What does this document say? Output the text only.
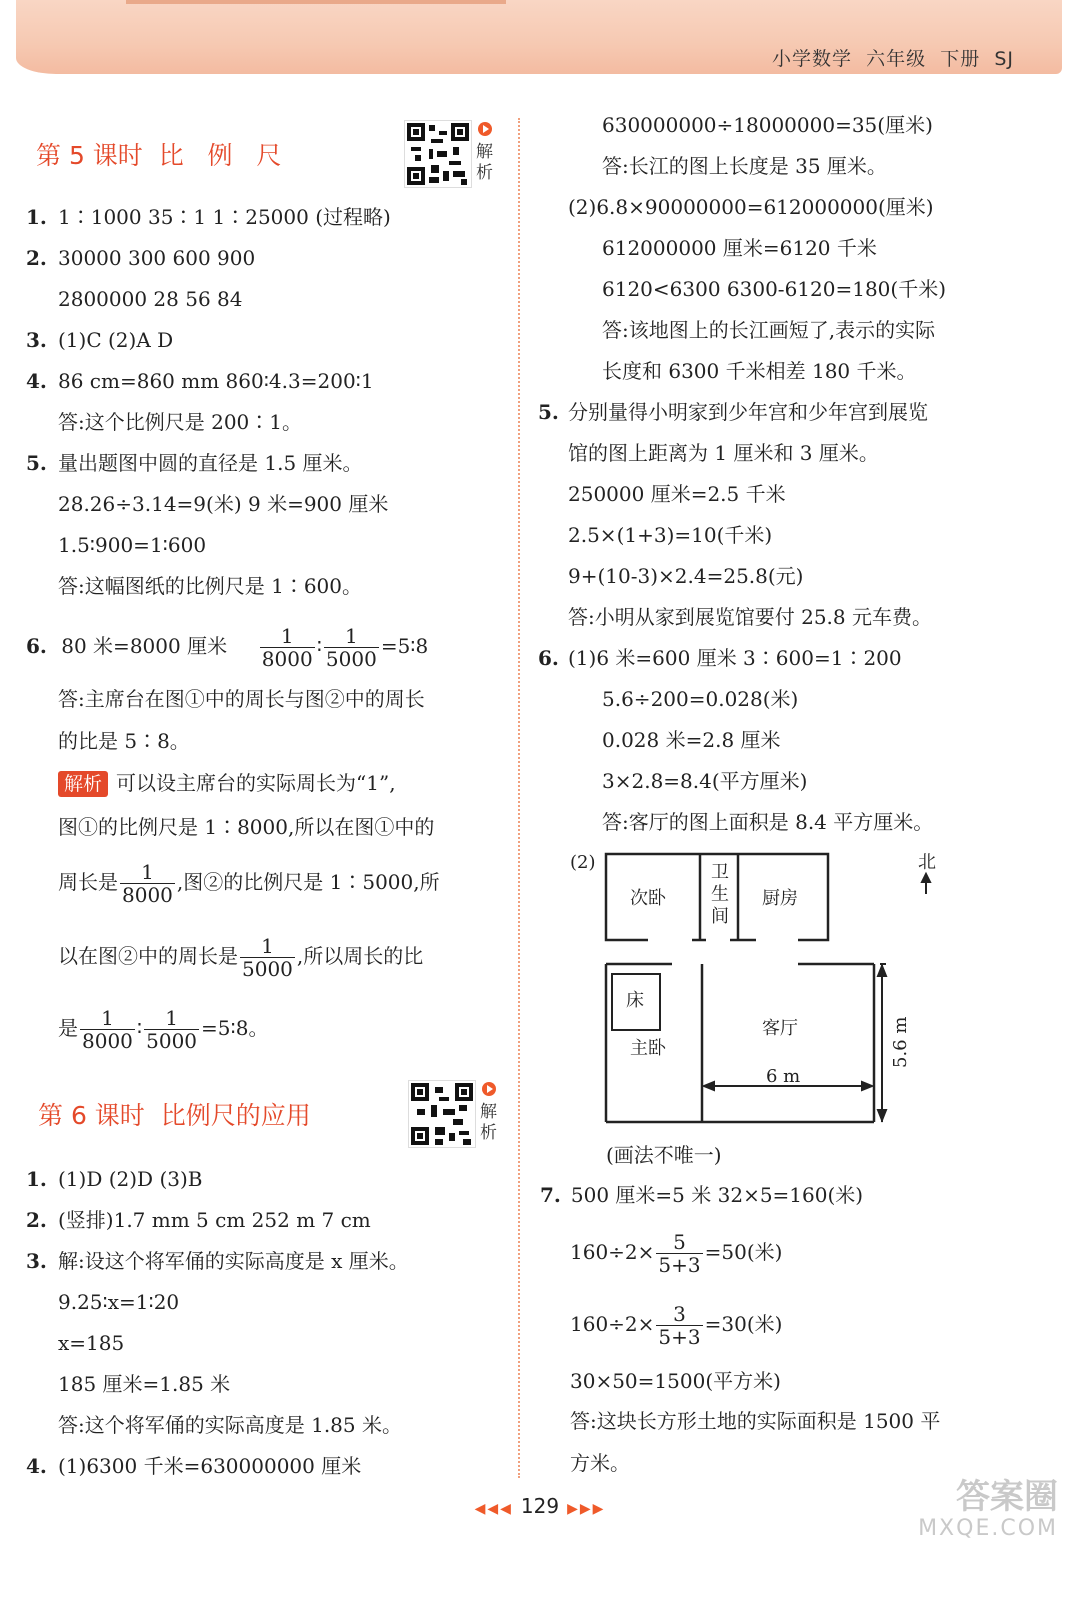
小学数学 六年级 下册 SJ
第 5 课时  比   例   尺	解析
1. 1∶1000 35∶1 1∶25000 (过程略)
2. 30000 300 600 900
2800000 28 56 84
3. (1)C (2)A D
4. 86 cm=860 mm 860∶4.3=200∶1
答:这个比例尺是 200∶1。
5. 量出题图中圆的直径是 1.5 厘米。
28.26÷3.14=9(米) 9 米=900 厘米
1.5∶900=1∶600
答:这幅图纸的比例尺是 1∶600。
6. 80 米=8000 厘米 $\frac{1}{8000}$ ∶ $\frac{1}{5000}$ =5∶8
答:主席台在图①中的周长与图②中的周长
的比是 5∶8。
解析 可以设主席台的实际周长为“1”,
图①的比例尺是 1∶8000,所以在图①中的
周长是 $\frac{1}{8000}$ ,图②的比例尺是 1∶5000,所
以在图②中的周长是 $\frac{1}{5000}$ ,所以周长的比
是 $\frac{1}{8000}$ ∶ $\frac{1}{5000}$ =5∶8。
第 6 课时  比例尺的应用	解析
1. (1)D (2)D (3)B
2. (竖排)1.7 mm 5 cm 252 m 7 cm
3. 解:设这个将军俑的实际高度是 x 厘米。
9.25∶x=1∶20
x=185
185 厘米=1.85 米
答:这个将军俑的实际高度是 1.85 米。
4. (1)6300 千米=630000000 厘米
630000000÷18000000=35(厘米)
答:长江的图上长度是 35 厘米。
(2)6.8×90000000=612000000(厘米)
612000000 厘米=6120 千米
6120<6300 6300-6120=180(千米)
答:该地图上的长江画短了,表示的实际
长度和 6300 千米相差 180 千米。
5. 分别量得小明家到少年宫和少年宫到展览
馆的图上距离为 1 厘米和 3 厘米。
250000 厘米=2.5 千米
2.5×(1+3)=10(千米)
9+(10-3)×2.4=25.8(元)
答:小明从家到展览馆要付 25.8 元车费。
6. (1)6 米=600 厘米 3∶600=1∶200
5.6÷200=0.028(米)
0.028 米=2.8 厘米
3×2.8=8.4(平方厘米)
答:客厅的图上面积是 8.4 平方厘米。
(2)
床
次卧
卫
生
间
厨房
主卧
客厅
6 m
5.6 m
北
(画法不唯一)
7. 500 厘米=5 米 32×5=160(米)
$160\div 2\times \frac{5}{5+3} =50$(米)
$160\div 2\times \frac{3}{5+3} =30$(米)
30×50=1500(平方米)
答:这块长方形土地的实际面积是 1500 平
方米。
◀◀◀ 129 ▶▶▶	答案圈
MXQE.COM
